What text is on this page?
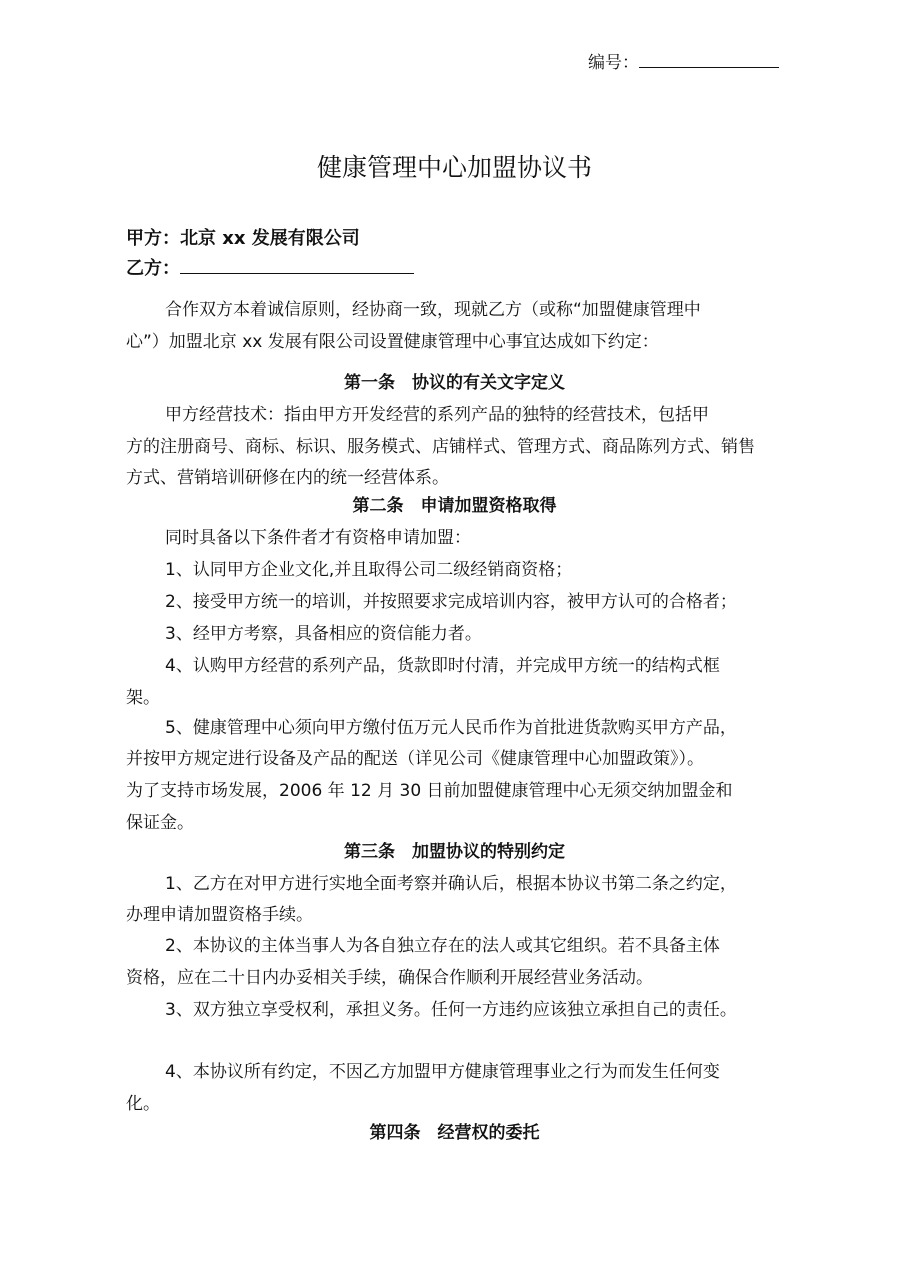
编号：
健康管理中心加盟协议书
甲方：北京 xx 发展有限公司
乙方：
合作双方本着诚信原则，经协商一致，现就乙方（或称“加盟健康管理中
心”）加盟北京 xx 发展有限公司设置健康管理中心事宜达成如下约定：
第一条　协议的有关文字定义
甲方经营技术：指由甲方开发经营的系列产品的独特的经营技术，包括甲
方的注册商号、商标、标识、服务模式、店铺样式、管理方式、商品陈列方式、销售
方式、营销培训研修在内的统一经营体系。
第二条　申请加盟资格取得
同时具备以下条件者才有资格申请加盟：
1、认同甲方企业文化,并且取得公司二级经销商资格；
2、接受甲方统一的培训，并按照要求完成培训内容，被甲方认可的合格者；
3、经甲方考察，具备相应的资信能力者。
4、认购甲方经营的系列产品，货款即时付清，并完成甲方统一的结构式框
架。
5、健康管理中心须向甲方缴付伍万元人民币作为首批进货款购买甲方产品，
并按甲方规定进行设备及产品的配送（详见公司《健康管理中心加盟政策》）。
为了支持市场发展，2006 年 12 月 30 日前加盟健康管理中心无须交纳加盟金和
保证金。
第三条　加盟协议的特别约定
1、乙方在对甲方进行实地全面考察并确认后，根据本协议书第二条之约定，
办理申请加盟资格手续。
2、本协议的主体当事人为各自独立存在的法人或其它组织。若不具备主体
资格，应在二十日内办妥相关手续，确保合作顺利开展经营业务活动。
3、双方独立享受权利，承担义务。任何一方违约应该独立承担自己的责任。
4、本协议所有约定，不因乙方加盟甲方健康管理事业之行为而发生任何变
化。
第四条　经营权的委托
